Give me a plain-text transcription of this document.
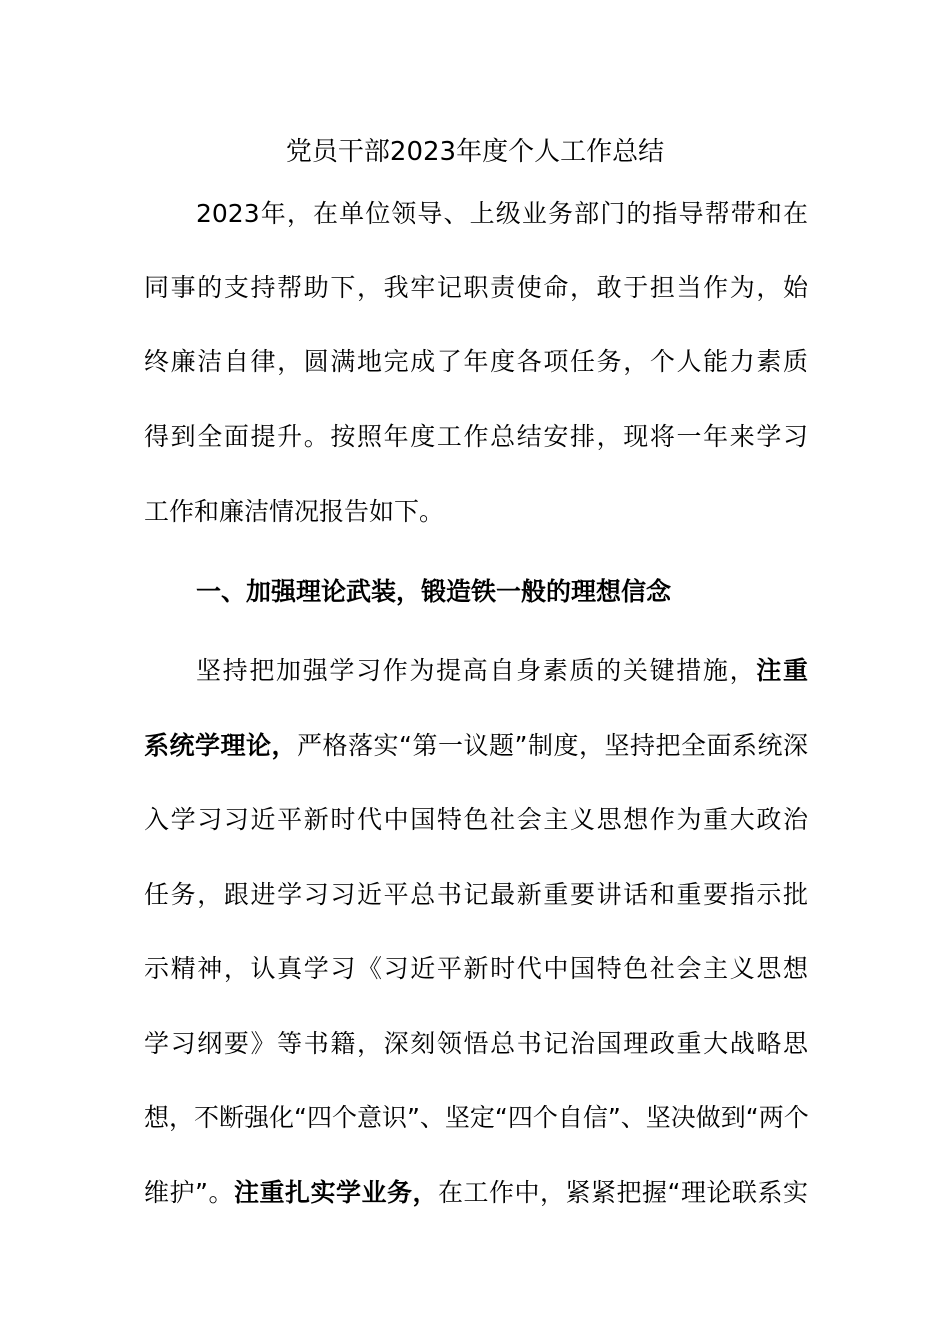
党员干部2023年度个人工作总结
2023年，在单位领导、上级业务部门的指导帮带和在
同事的支持帮助下，我牢记职责使命，敢于担当作为，始
终廉洁自律，圆满地完成了年度各项任务，个人能力素质
得到全面提升。按照年度工作总结安排，现将一年来学习
工作和廉洁情况报告如下。
一、加强理论武装，锻造铁一般的理想信念
坚持把加强学习作为提高自身素质的关键措施，注重
系统学理论，严格落实“第一议题”制度，坚持把全面系统深
入学习习近平新时代中国特色社会主义思想作为重大政治
任务，跟进学习习近平总书记最新重要讲话和重要指示批
示精神，认真学习《习近平新时代中国特色社会主义思想
学习纲要》等书籍，深刻领悟总书记治国理政重大战略思
想，不断强化“四个意识”、坚定“四个自信”、坚决做到“两个
维护”。注重扎实学业务，在工作中，紧紧把握“理论联系实
